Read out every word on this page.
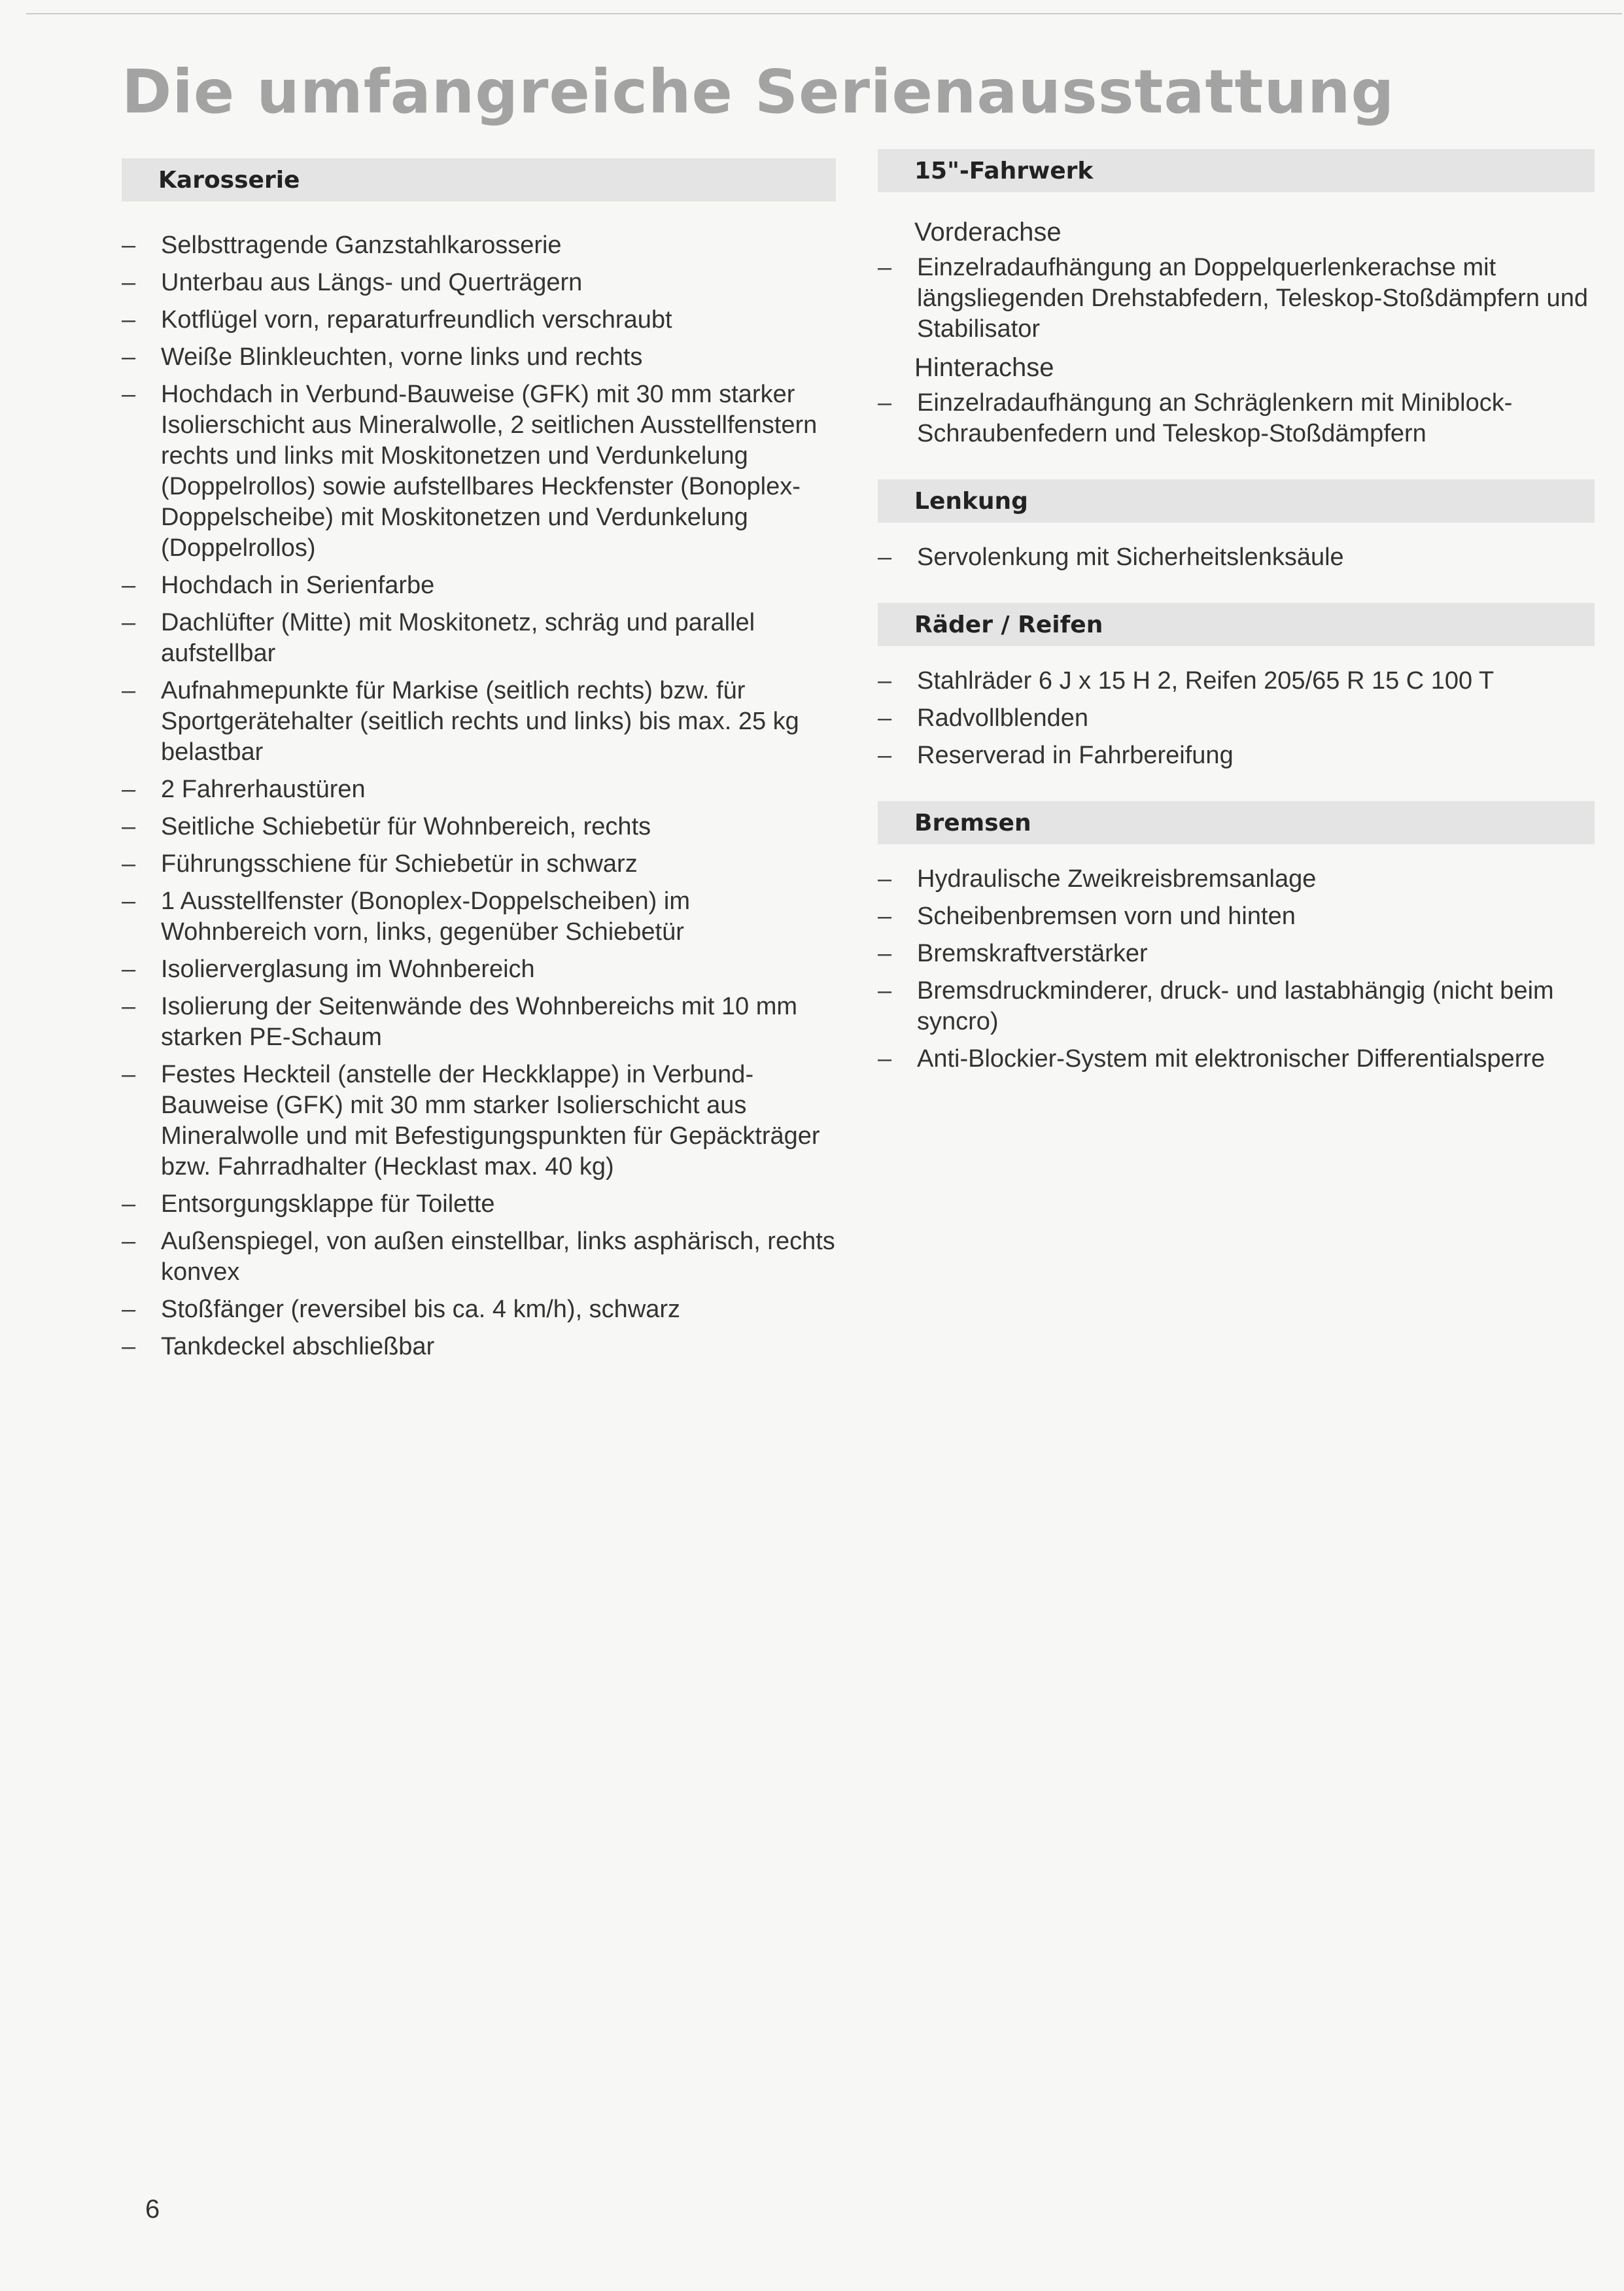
Die umfangreiche Serienausstattung
Karosserie
– Selbsttragende Ganzstahlkarosserie
– Unterbau aus Längs- und Querträgern
– Kotflügel vorn, reparaturfreundlich verschraubt
– Weiße Blinkleuchten, vorne links und rechts
– Hochdach in Verbund-Bauweise (GFK) mit 30 mm starker Isolierschicht aus Mineralwolle, 2 seitlichen Ausstellfenstern rechts und links mit Moskitonetzen und Verdunkelung (Doppelrollos) sowie aufstellbares Heckfenster (Bonoplex-Doppelscheibe) mit Moskitonetzen und Verdunkelung (Doppelrollos)
– Hochdach in Serienfarbe
– Dachlüfter (Mitte) mit Moskitonetz, schräg und parallel aufstellbar
– Aufnahmepunkte für Markise (seitlich rechts) bzw. für Sportgerätehalter (seitlich rechts und links) bis max. 25 kg belastbar
– 2 Fahrerhaustüren
– Seitliche Schiebetür für Wohnbereich, rechts
– Führungsschiene für Schiebetür in schwarz
– 1 Ausstellfenster (Bonoplex-Doppelscheiben) im Wohnbereich vorn, links, gegenüber Schiebetür
– Isolierverglasung im Wohnbereich
– Isolierung der Seitenwände des Wohnbereichs mit 10 mm starken PE-Schaum
– Festes Heckteil (anstelle der Heckklappe) in Verbund-Bauweise (GFK) mit 30 mm starker Isolierschicht aus Mineralwolle und mit Befestigungspunkten für Gepäckträger bzw. Fahrradhalter (Hecklast max. 40 kg)
– Entsorgungsklappe für Toilette
– Außenspiegel, von außen einstellbar, links asphärisch, rechts konvex
– Stoßfänger (reversibel bis ca. 4 km/h), schwarz
– Tankdeckel abschließbar
15"-Fahrwerk
Vorderachse
– Einzelradaufhängung an Doppelquerlenkerachse mit längsliegenden Drehstabfedern, Teleskop-Stoßdämpfern und Stabilisator
Hinterachse
– Einzelradaufhängung an Schräglenkern mit Miniblock-Schraubenfedern und Teleskop-Stoßdämpfern
Lenkung
– Servolenkung mit Sicherheitslenksäule
Räder / Reifen
– Stahlräder 6 J x 15 H 2, Reifen 205/65 R 15 C 100 T
– Radvollblenden
– Reserverad in Fahrbereifung
Bremsen
– Hydraulische Zweikreisbremsanlage
– Scheibenbremsen vorn und hinten
– Bremskraftverstärker
– Bremsdruckminderer, druck- und lastabhängig (nicht beim syncro)
– Anti-Blockier-System mit elektronischer Differentialsperre
6
